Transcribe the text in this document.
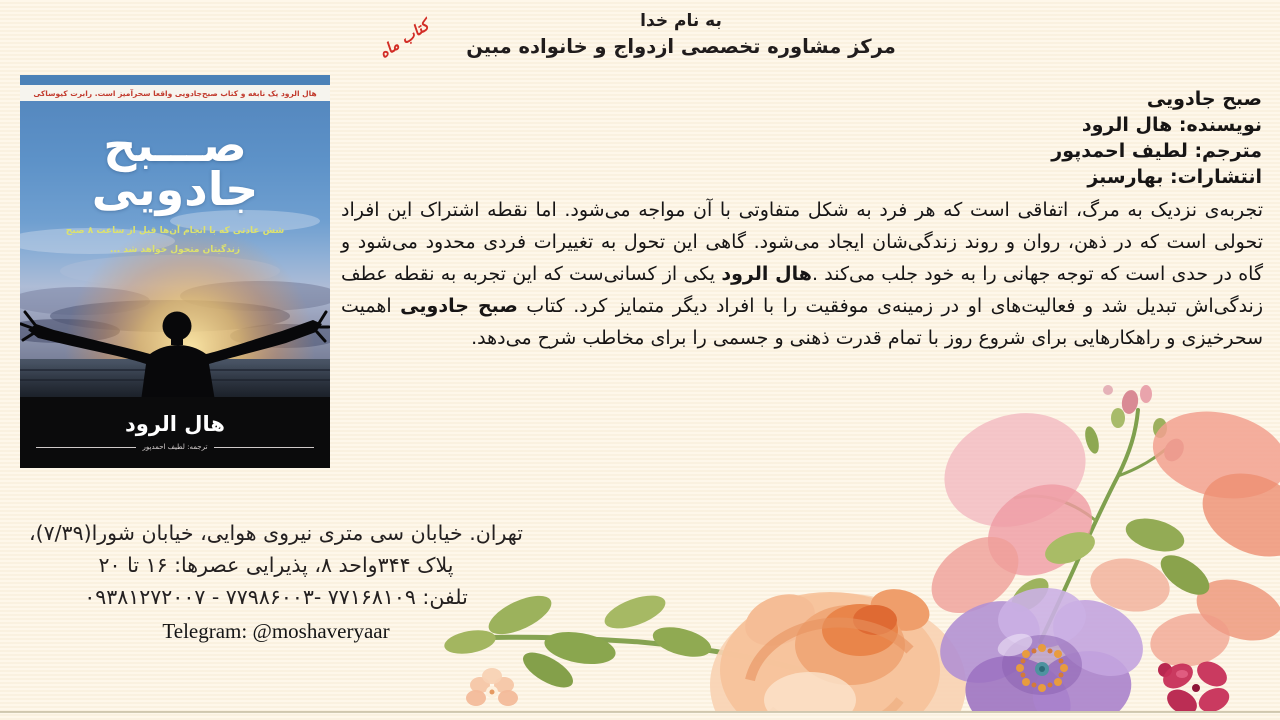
به نام خدا
مرکز مشاوره تخصصی ازدواج و خانواده مبین
کتاب ماه
هال الرود یک نابغه و کتاب صبح‌جادویی واقعا سحرآمیز است. رابرت کیوساکی
صـــبح
جادویی
شش عادتی که با انجام آن‌ها قبل از ساعت ۸ صبح
زندگیتان متحول خواهد شد ...
هال الرود
ترجمه: لطیف احمدپور
صبح جادویی
نویسنده: هال الرود
مترجم: لطیف احمدپور
انتشارات: بهارسبز
تجربه‌ی نزدیک به مرگ، اتفاقی است که هر فرد به شکل متفاوتی با آن مواجه می‌شود. اما نقطه اشتراک این افراد تحولی است که در ذهن، روان و روند زندگی‌شان ایجاد می‌شود. گاهی این تحول به تغییرات فردی محدود می‌شود و گاه در حدی است که توجه جهانی را به خود جلب می‌کند .هال الرود یکی از کسانی‌ست که این تجربه به نقطه عطف زندگی‌اش تبدیل شد و فعالیت‌های او در زمینه‌ی موفقیت را با افراد دیگر متمایز کرد. کتاب صبح جادویی اهمیت سحرخیزی و راهکارهایی برای شروع روز با تمام قدرت ذهنی و جسمی را برای مخاطب شرح می‌دهد.
تهران. خیابان سی متری نیروی هوایی، خیابان شورا(۷/۳۹)،
پلاک ۳۴۴واحد ۸، پذیرایی عصرها: ۱۶ تا ۲۰
تلفن: ۷۷۱۶۸۱۰۹ -۷۷۹۸۶۰۰۳ - ۰۹۳۸۱۲۷۲۰۰۷
Telegram: @moshaveryaar
